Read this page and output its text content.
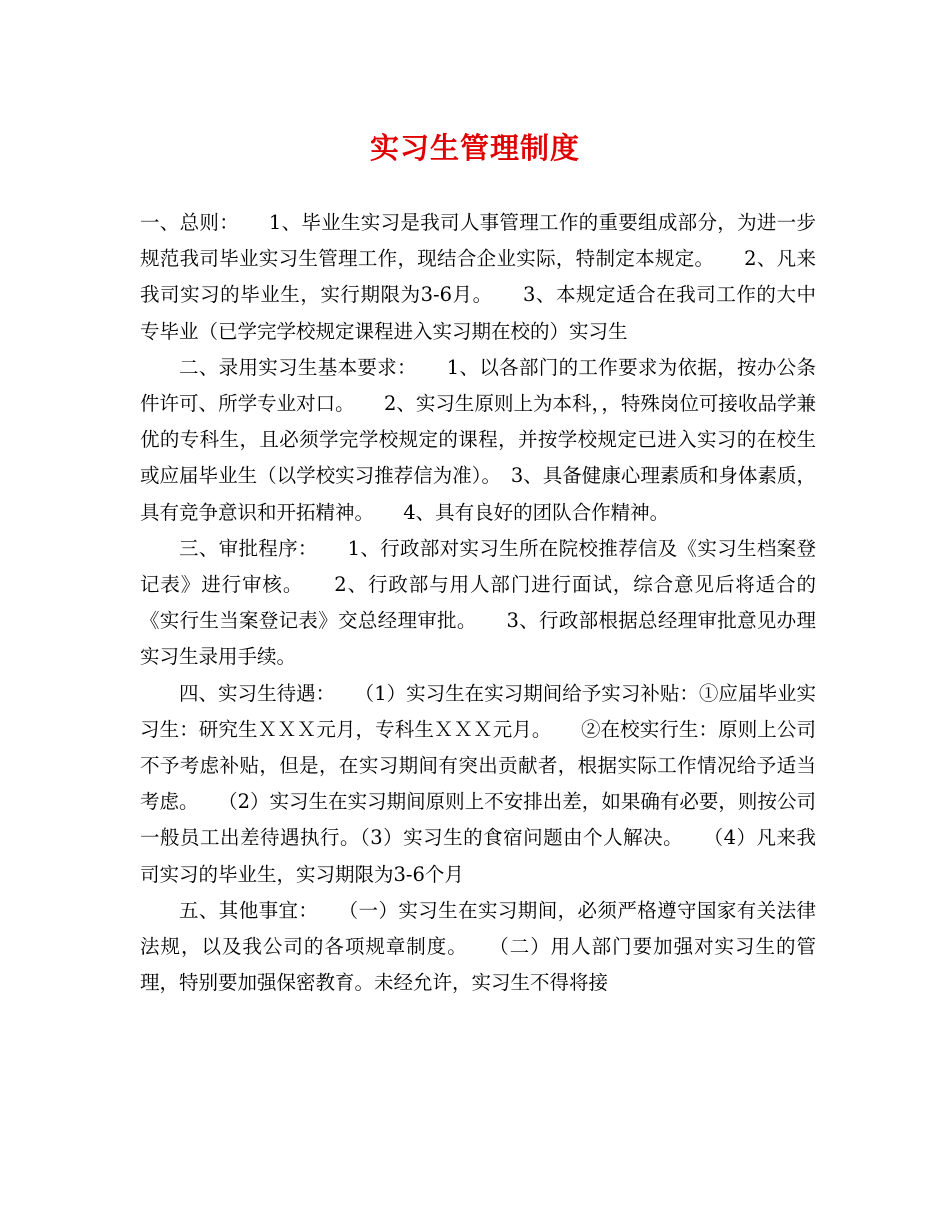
实习生管理制度

一、总则：　　1、毕业生实习是我司人事管理工作的重要组成部分，为进一步规范我司毕业实习生管理工作，现结合企业实际，特制定本规定。　　2、凡来我司实习的毕业生，实行期限为3-6月。　　3、本规定适合在我司工作的大中专毕业（已学完学校规定课程进入实习期在校的）实习生

二、录用实习生基本要求：　　1、以各部门的工作要求为依据，按办公条件许可、所学专业对口。　　2、实习生原则上为本科，，特殊岗位可接收品学兼优的专科生，且必须学完学校规定的课程，并按学校规定已进入实习的在校生或应届毕业生（以学校实习推荐信为准）。　3、具备健康心理素质和身体素质，具有竞争意识和开拓精神。　　4、具有良好的团队合作精神。

三、审批程序：　　1、行政部对实习生所在院校推荐信及《实习生档案登记表》进行审核。　　2、行政部与用人部门进行面试，综合意见后将适合的《实行生当案登记表》交总经理审批。　　3、行政部根据总经理审批意见办理实习生录用手续。

四、实习生待遇：　　（1）实习生在实习期间给予实习补贴：①应届毕业实习生：研究生ＸＸＸ元月，专科生ＸＸＸ元月。　　②在校实行生：原则上公司不予考虑补贴，但是，在实习期间有突出贡献者，根据实际工作情况给予适当考虑。　　（2）实习生在实习期间原则上不安排出差，如果确有必要，则按公司一般员工出差待遇执行。（3）实习生的食宿问题由个人解决。　　（4）凡来我司实习的毕业生，实习期限为3-6个月

五、其他事宜：　　（一）实习生在实习期间，必须严格遵守国家有关法律法规，以及我公司的各项规章制度。　　（二）用人部门要加强对实习生的管理，特别要加强保密教育。未经允许，实习生不得将接
